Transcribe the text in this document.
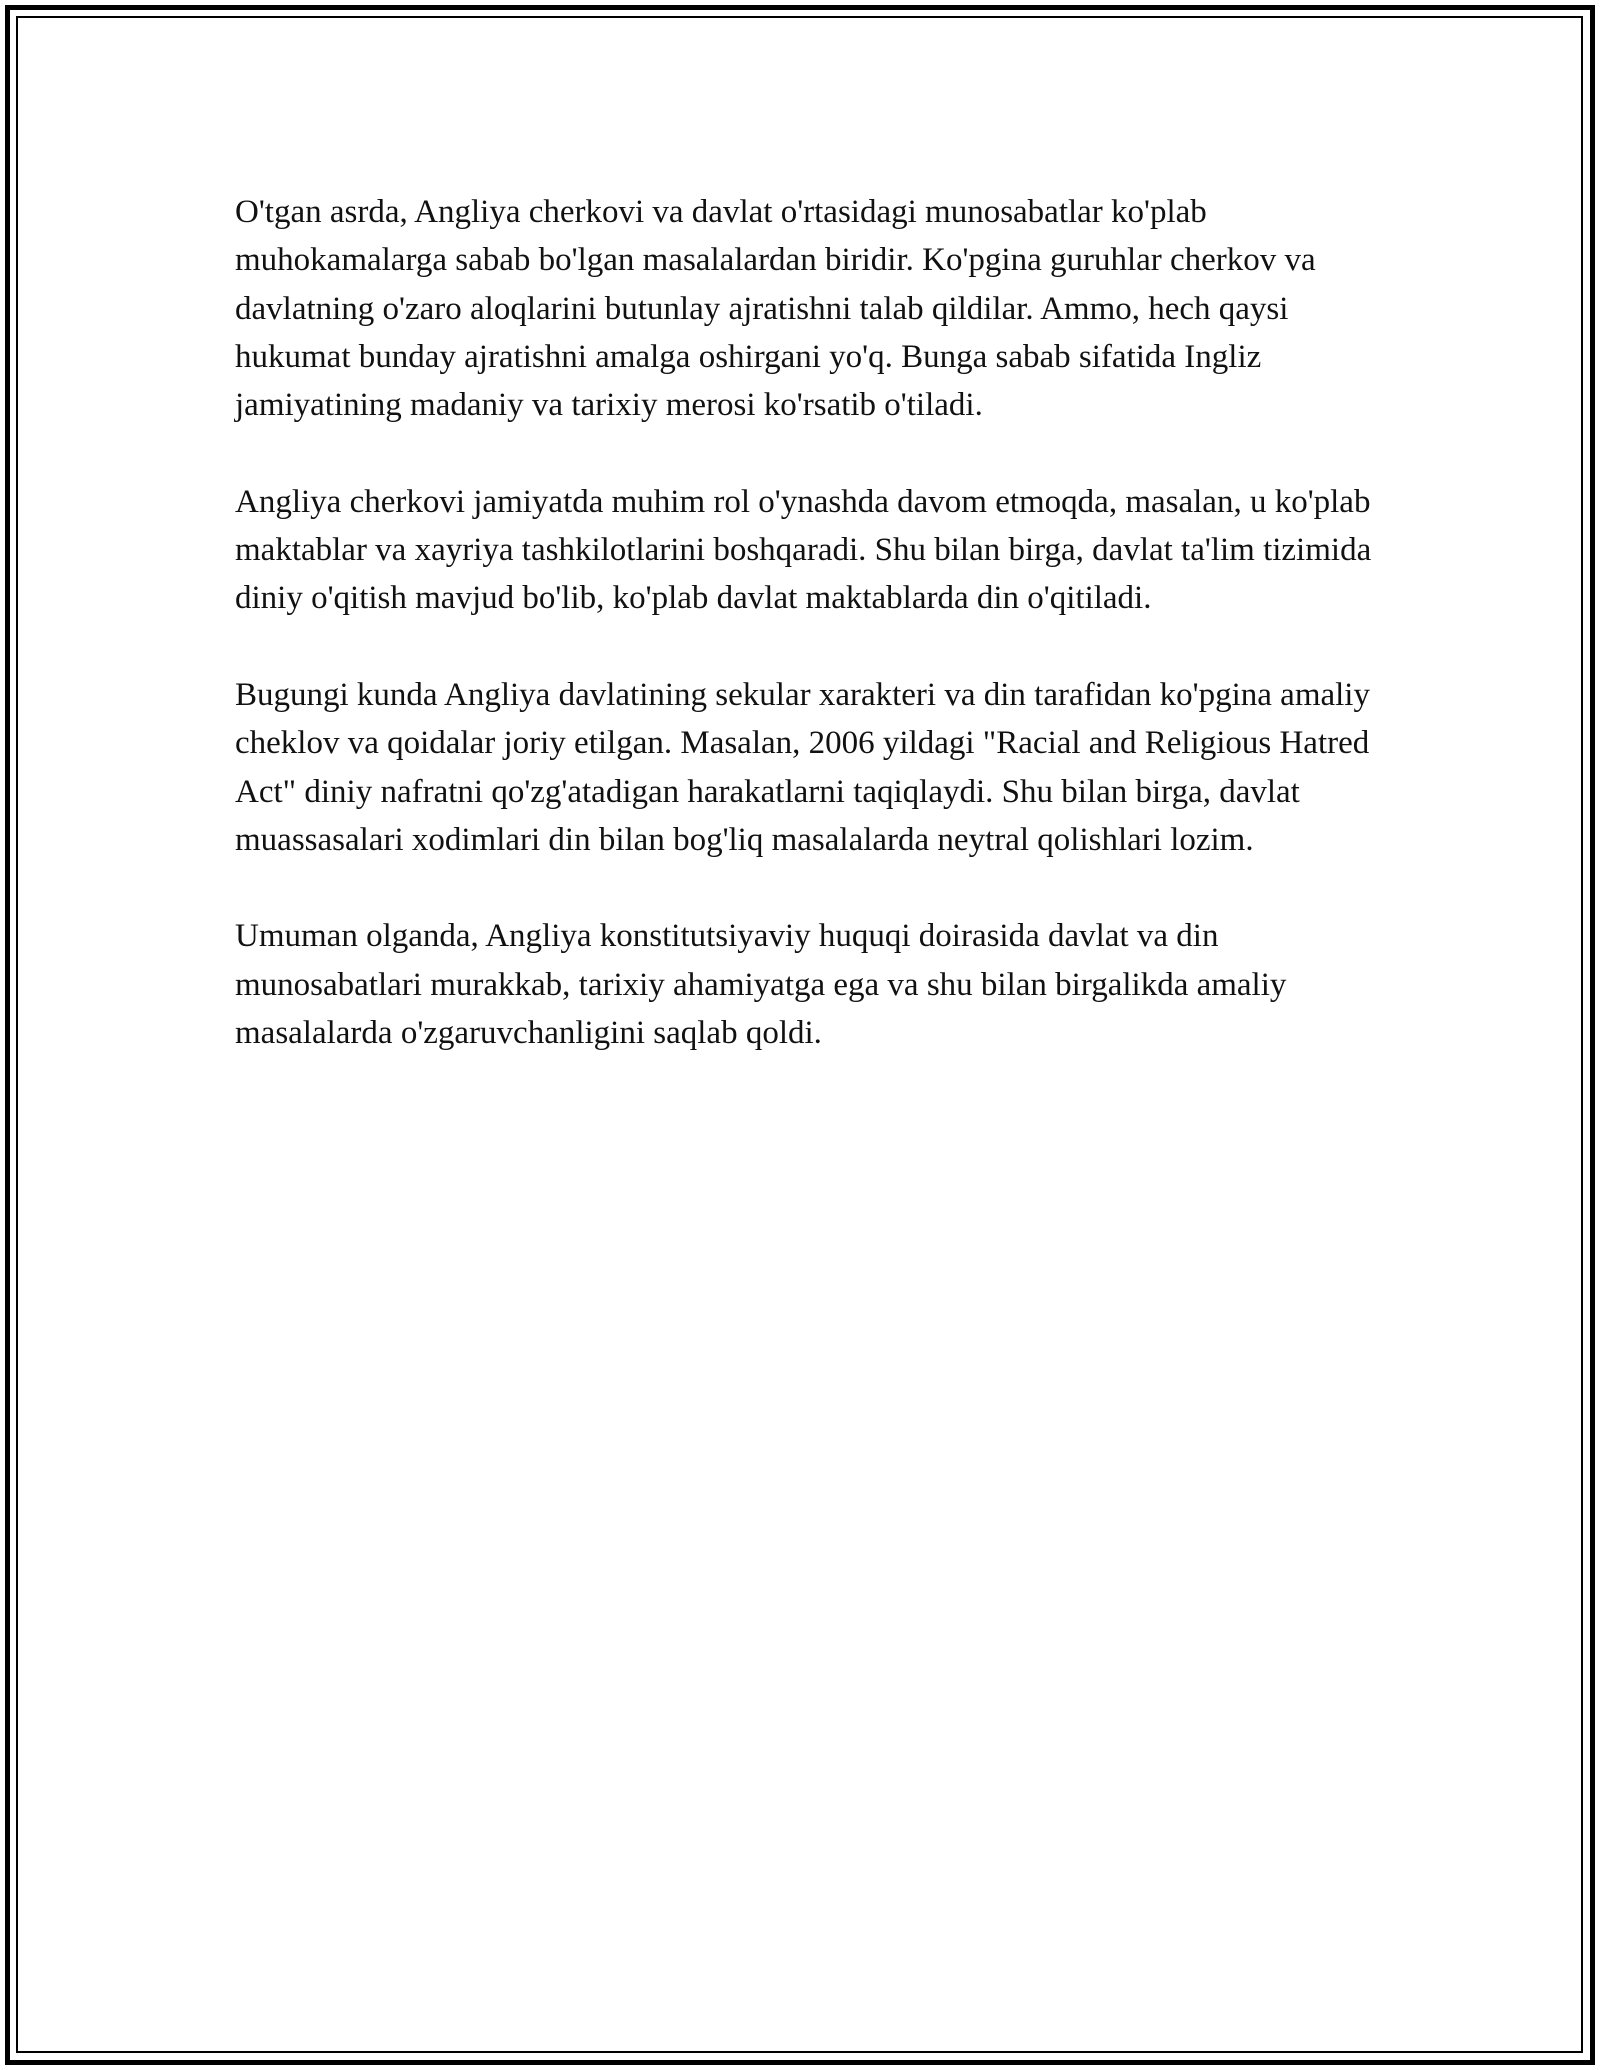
O'tgan asrda, Angliya cherkovi va davlat o'rtasidagi munosabatlar ko'plab muhokamalarga sabab bo'lgan masalalardan biridir. Ko'pgina guruhlar cherkov va davlatning o'zaro aloqlarini butunlay ajratishni talab qildilar. Ammo, hech qaysi hukumat bunday ajratishni amalga oshirgani yo'q. Bunga sabab sifatida Ingliz jamiyatining madaniy va tarixiy merosi ko'rsatib o'tiladi.

Angliya cherkovi jamiyatda muhim rol o'ynashda davom etmoqda, masalan, u ko'plab maktablar va xayriya tashkilotlarini boshqaradi. Shu bilan birga, davlat ta'lim tizimida diniy o'qitish mavjud bo'lib, ko'plab davlat maktablarda din o'qitiladi.

Bugungi kunda Angliya davlatining sekular xarakteri va din tarafidan ko'pgina amaliy cheklov va qoidalar joriy etilgan. Masalan, 2006 yildagi "Racial and Religious Hatred Act" diniy nafratni qo'zg'atadigan harakatlarni taqiqlaydi. Shu bilan birga, davlat muassasalari xodimlari din bilan bog'liq masalalarda neytral qolishlari lozim.

Umuman olganda, Angliya konstitutsiyaviy huquqi doirasida davlat va din munosabatlari murakkab, tarixiy ahamiyatga ega va shu bilan birgalikda amaliy masalalarda o'zgaruvchanligini saqlab qoldi.
